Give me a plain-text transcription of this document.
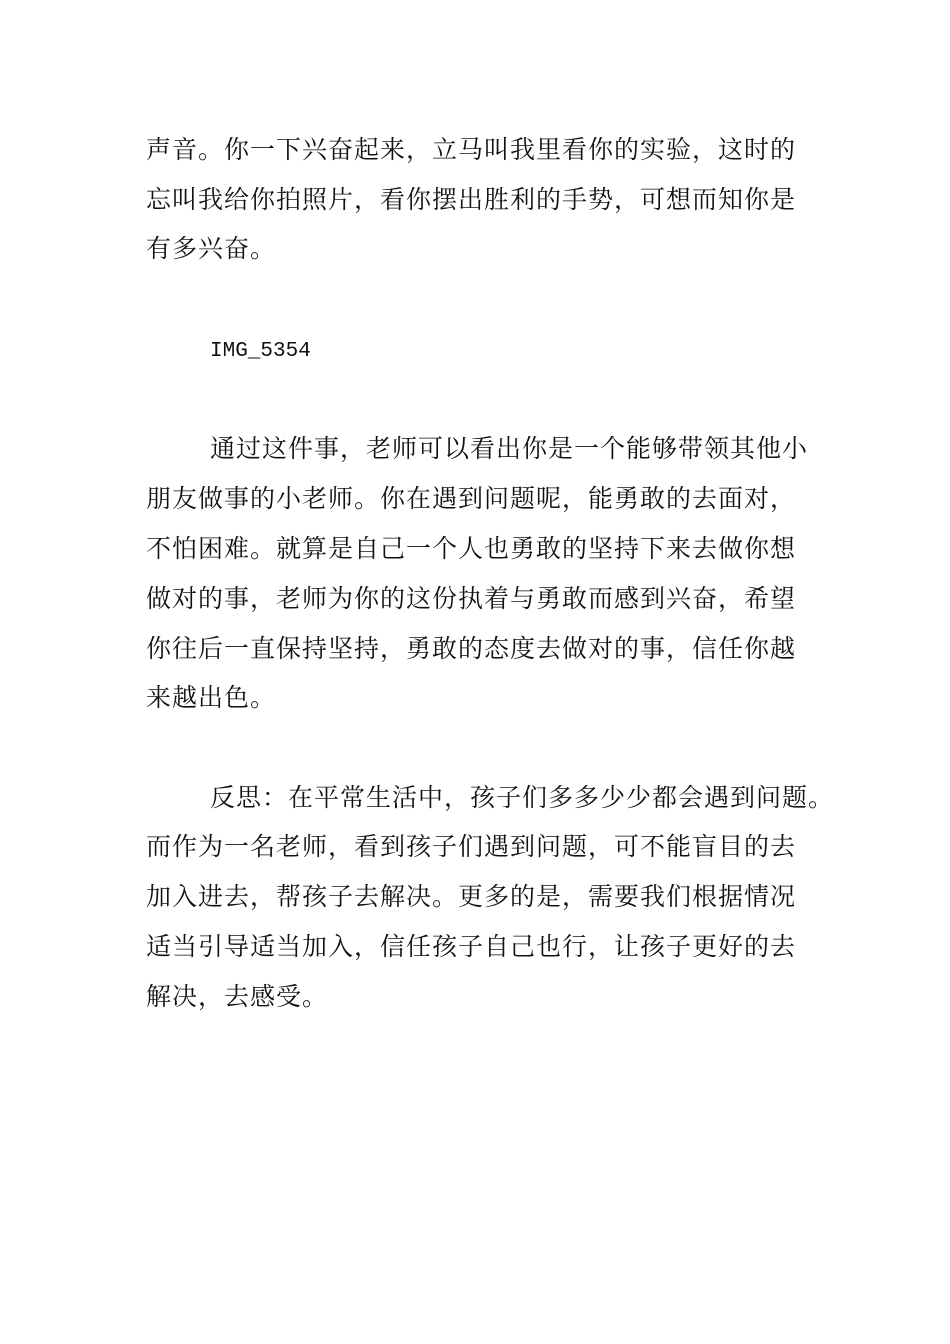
声音。你一下兴奋起来，立马叫我里看你的实验，这时的
忘叫我给你拍照片，看你摆出胜利的手势，可想而知你是
有多兴奋。
IMG_5354
通过这件事，老师可以看出你是一个能够带领其他小
朋友做事的小老师。你在遇到问题呢，能勇敢的去面对，
不怕困难。就算是自己一个人也勇敢的坚持下来去做你想
做对的事，老师为你的这份执着与勇敢而感到兴奋，希望
你往后一直保持坚持，勇敢的态度去做对的事，信任你越
来越出色。
反思：在平常生活中，孩子们多多少少都会遇到问题。
而作为一名老师，看到孩子们遇到问题，可不能盲目的去
加入进去，帮孩子去解决。更多的是，需要我们根据情况
适当引导适当加入，信任孩子自己也行，让孩子更好的去
解决，去感受。
